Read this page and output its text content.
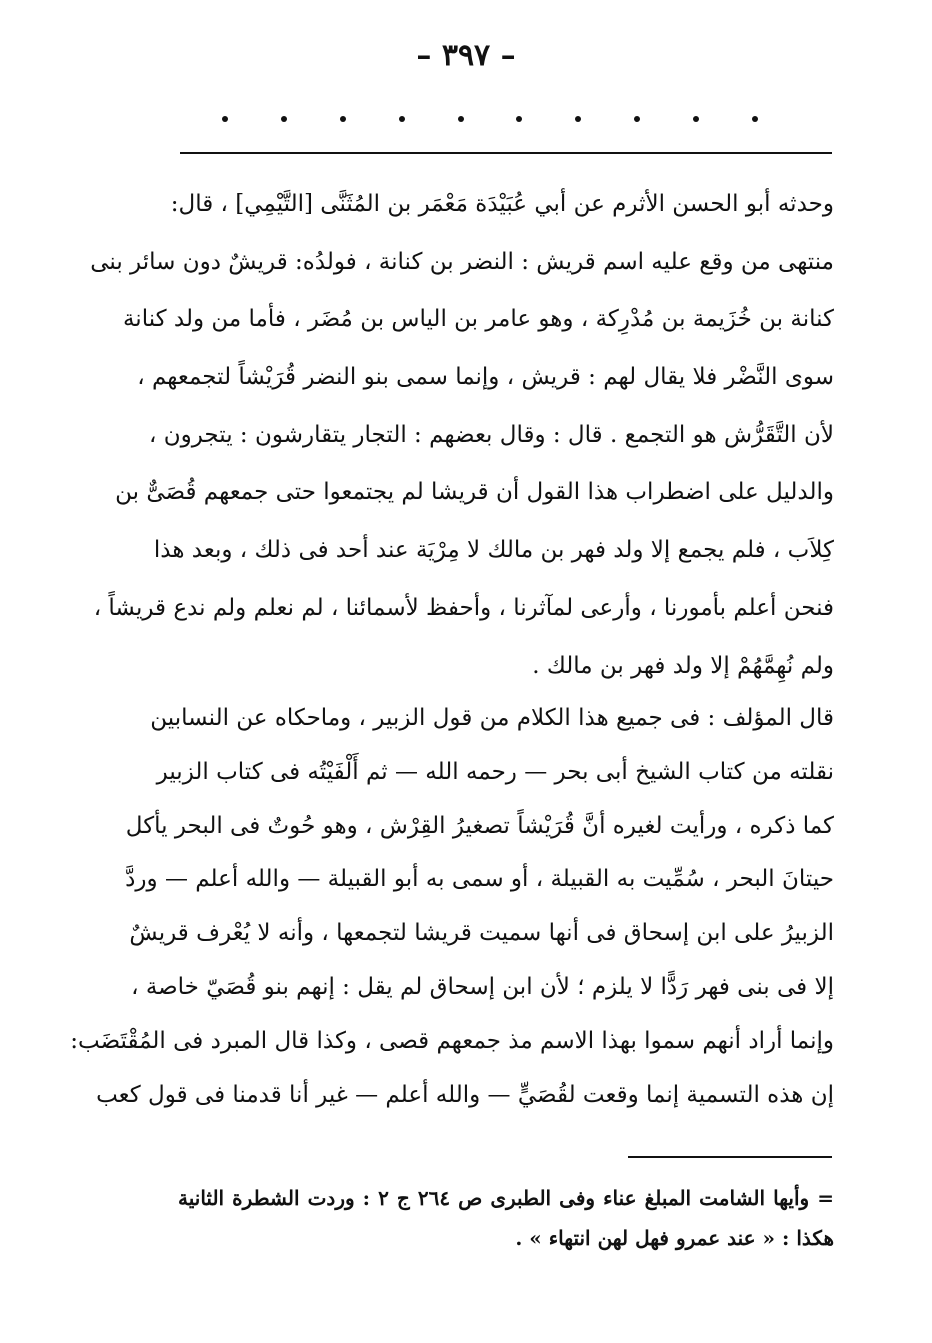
– ٣٩٧ –
وحدثه أبو الحسن الأثرم عن أبي عُبَيْدَة مَعْمَر بن المُثَنَّى [التَّيْمِي] ، قال:
منتهى من وقع عليه اسم قريش : النضر بن كنانة ، فولدُه: قريشٌ دون سائر بنى
كنانة بن خُزَيمة بن مُدْرِكة ، وهو عامر بن الياس بن مُضَر ، فأما من ولد كنانة
سوى النَّضْر فلا يقال لهم : قريش ، وإنما سمى بنو النضر قُرَيْشاً لتجمعهم ،
لأن التَّقَرُّش هو التجمع . قال : وقال بعضهم : التجار يتقارشون : يتجرون ،
والدليل على اضطراب هذا القول أن قريشا لم يجتمعوا حتى جمعهم قُصَىٌّ بن
كِلاَب ، فلم يجمع إلا ولد فهر بن مالك لا مِرْيَة عند أحد فى ذلك ، وبعد هذا
فنحن أعلم بأمورنا ، وأرعى لمآثرنا ، وأحفظ لأسمائنا ، لم نعلم ولم ندع قريشاً ،
ولم نُهِمَّهُمْ إلا ولد فهر بن مالك .
قال المؤلف : فى جميع هذا الكلام من قول الزبير ، وماحكاه عن النسابين
نقلته من كتاب الشيخ أبى بحر — رحمه الله — ثم أَلْفَيْتُه فى كتاب الزبير
كما ذكره ، ورأيت لغيره أنَّ قُرَيْشاً تصغيرُ القِرْش ، وهو حُوتٌ فى البحر يأكل
حيتانَ البحر ، سُمِّيت به القبيلة ، أو سمى به أبو القبيلة — والله أعلم — وردَّ
الزبيرُ على ابن إسحاق فى أنها سميت قريشا لتجمعها ، وأنه لا يُعْرف قريشٌ
إلا فى بنى فهر رَدًّا لا يلزم ؛ لأن ابن إسحاق لم يقل : إنهم بنو قُصَيّ خاصة ،
وإنما أراد أنهم سموا بهذا الاسم مذ جمعهم قصى ، وكذا قال المبرد فى المُقْتَضَب:
إن هذه التسمية إنما وقعت لقُصَيٍّ — والله أعلم — غير أنا قدمنا فى قول كعب
= وأيها الشامت المبلغ عناء وفى الطبرى ص ٢٦٤ ج ٢ : وردت الشطرة الثانية
هكذا : « عند عمرو فهل لهن انتهاء » .
